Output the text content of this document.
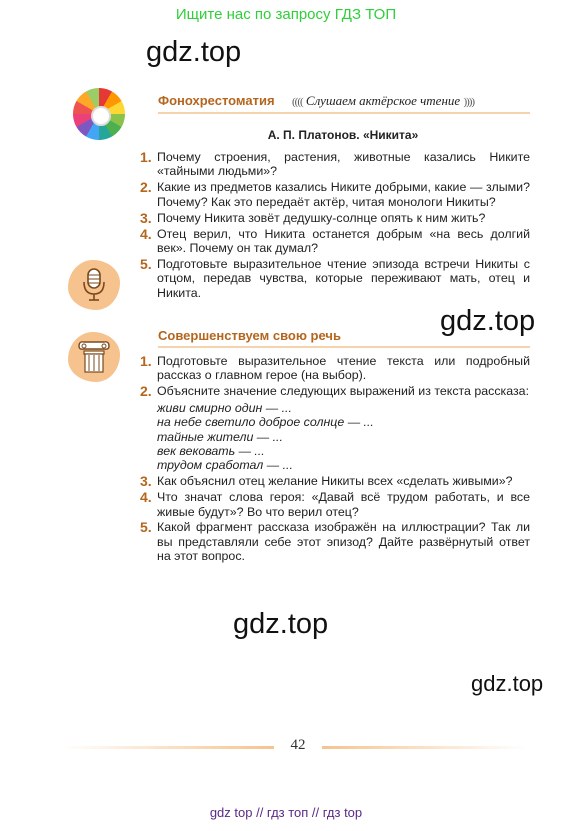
Ищите нас по запросу ГДЗ ТОП
gdz.top
gdz.top
gdz.top
gdz.top
Фонохрестоматия (((( Слушаем актёрское чтение ))))
А. П. Платонов. «Никита»
1. Почему строения, растения, животные казались Никите «тайными людьми»?
2. Какие из предметов казались Никите добрыми, какие — злыми? Почему? Как это передаёт актёр, читая монологи Никиты?
3. Почему Никита зовёт дедушку-солнце опять к ним жить?
4. Отец верил, что Никита останется добрым «на весь долгий век». Почему он так думал?
5. Подготовьте выразительное чтение эпизода встречи Никиты с отцом, передав чувства, которые переживают мать, отец и Никита.
Совершенствуем свою речь
1. Подготовьте выразительное чтение текста или подробный рассказ о главном герое (на выбор).
2. Объясните значение следующих выражений из текста рассказа:
живи смирно один — ...
на небе светило доброе солнце — ...
тайные жители — ...
век вековать — ...
трудом сработал — ...
3. Как объяснил отец желание Никиты всех «сделать живыми»?
4. Что значат слова героя: «Давай всё трудом работать, и все живые будут»? Во что верил отец?
5. Какой фрагмент рассказа изображён на иллюстрации? Так ли вы представляли себе этот эпизод? Дайте развёрнутый ответ на этот вопрос.
42
gdz top // гдз топ // гдз top
